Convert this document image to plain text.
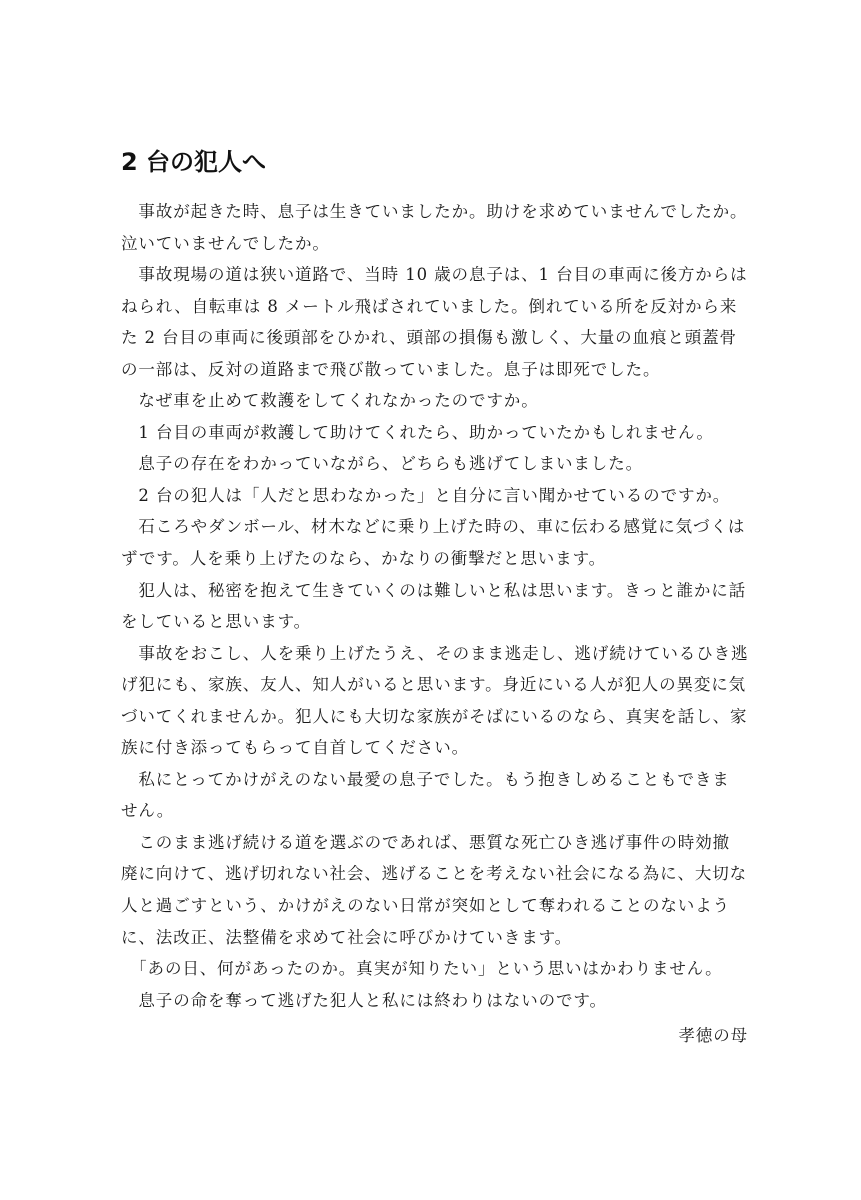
2 台の犯人へ
　事故が起きた時、息子は生きていましたか。助けを求めていませんでしたか。
泣いていませんでしたか。
　事故現場の道は狭い道路で、当時 10 歳の息子は、1 台目の車両に後方からは
ねられ、自転車は 8 メートル飛ばされていました。倒れている所を反対から来
た 2 台目の車両に後頭部をひかれ、頭部の損傷も激しく、大量の血痕と頭蓋骨
の一部は、反対の道路まで飛び散っていました。息子は即死でした。
　なぜ車を止めて救護をしてくれなかったのですか。
　1 台目の車両が救護して助けてくれたら、助かっていたかもしれません。
　息子の存在をわかっていながら、どちらも逃げてしまいました。
　2 台の犯人は「人だと思わなかった」と自分に言い聞かせているのですか。
　石ころやダンボール、材木などに乗り上げた時の、車に伝わる感覚に気づくは
ずです。人を乗り上げたのなら、かなりの衝撃だと思います。
　犯人は、秘密を抱えて生きていくのは難しいと私は思います。きっと誰かに話
をしていると思います。
　事故をおこし、人を乗り上げたうえ、そのまま逃走し、逃げ続けているひき逃
げ犯にも、家族、友人、知人がいると思います。身近にいる人が犯人の異変に気
づいてくれませんか。犯人にも大切な家族がそばにいるのなら、真実を話し、家
族に付き添ってもらって自首してください。
　私にとってかけがえのない最愛の息子でした。もう抱きしめることもできま
せん。
　このまま逃げ続ける道を選ぶのであれば、悪質な死亡ひき逃げ事件の時効撤
廃に向けて、逃げ切れない社会、逃げることを考えない社会になる為に、大切な
人と過ごすという、かけがえのない日常が突如として奪われることのないよう
に、法改正、法整備を求めて社会に呼びかけていきます。
　「あの日、何があったのか。真実が知りたい」という思いはかわりません。
　息子の命を奪って逃げた犯人と私には終わりはないのです。
孝徳の母
